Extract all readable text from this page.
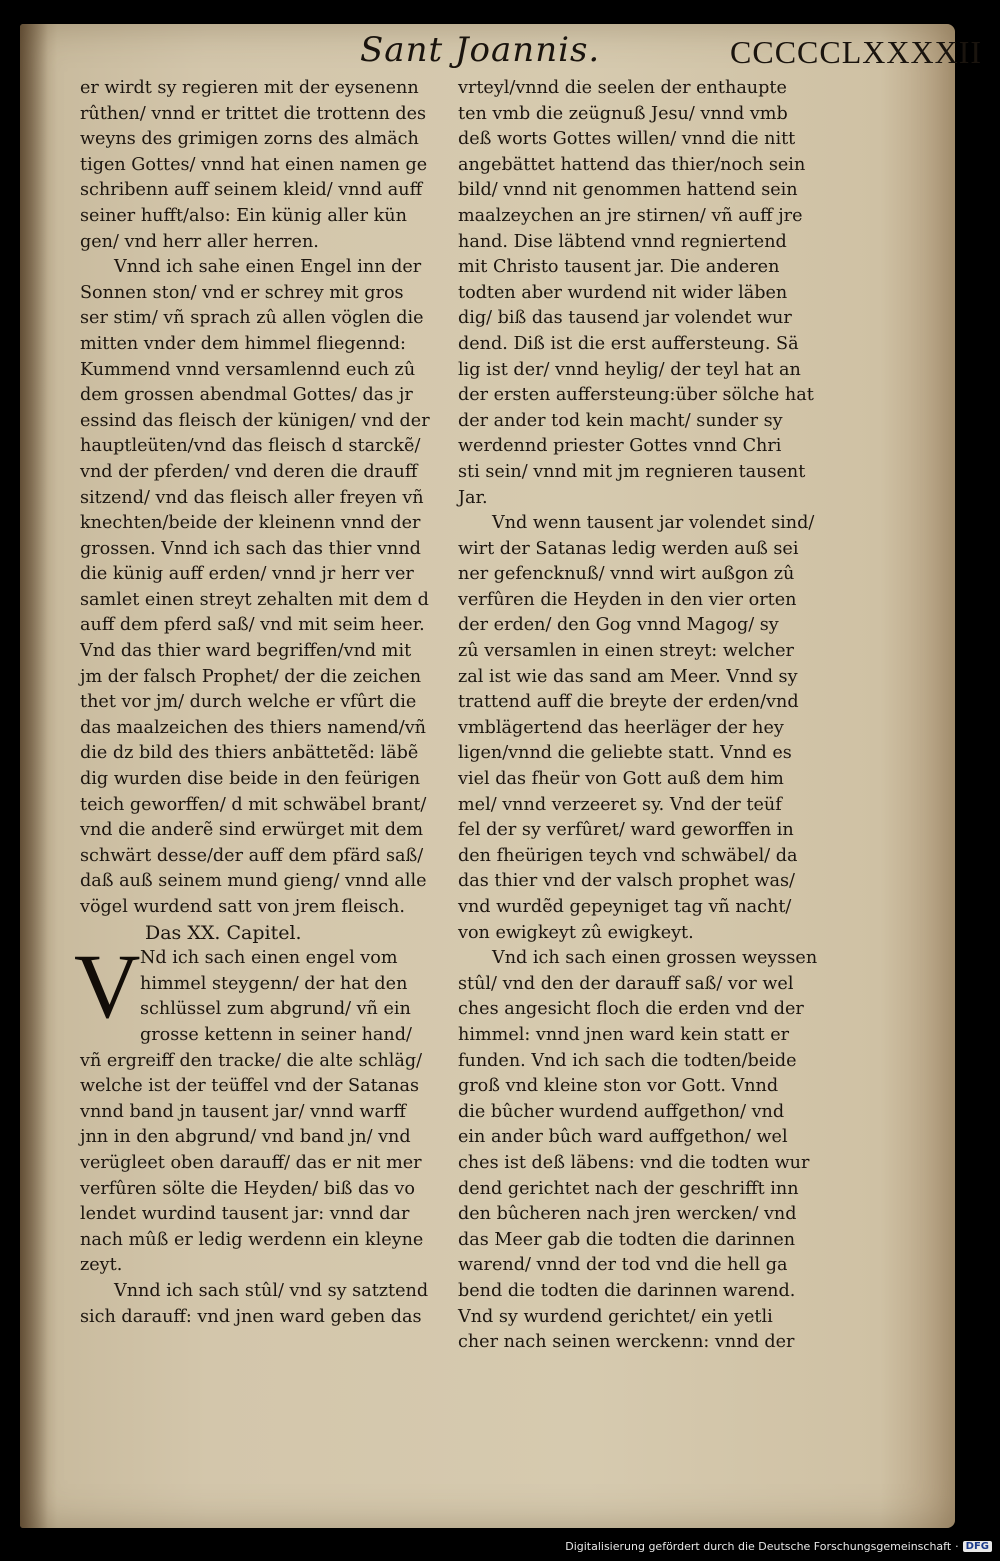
Sant Joannis.	CCCCCLXXXXII
er wirdt sy regieren mit der eysenenn
rûthen/ vnnd er trittet die trottenn des
weyns des grimigen zorns des almäch
tigen Gottes/ vnnd hat einen namen ge
schribenn auff seinem kleid/ vnnd auff
seiner hufft/also: Ein künig aller kün
gen/ vnd herr aller herren.
Vnnd ich sahe einen Engel inn der
Sonnen ston/ vnd er schrey mit gros
ser stim/ vñ sprach zû allen vöglen die
mitten vnder dem himmel fliegennd:
Kummend vnnd versamlennd euch zû
dem grossen abendmal Gottes/ das jr
essind das fleisch der künigen/ vnd der
hauptleüten/vnd das fleisch d starckẽ/
vnd der pferden/ vnd deren die drauff
sitzend/ vnd das fleisch aller freyen vñ
knechten/beide der kleinenn vnnd der
grossen. Vnnd ich sach das thier vnnd
die künig auff erden/ vnnd jr herr ver
samlet einen streyt zehalten mit dem d
auff dem pferd saß/ vnd mit seim heer.
Vnd das thier ward begriffen/vnd mit
jm der falsch Prophet/ der die zeichen
thet vor jm/ durch welche er vfûrt die
das maalzeichen des thiers namend/vñ
die dz bild des thiers anbättetẽd: läbẽ
dig wurden dise beide in den feürigen
teich geworffen/ d mit schwäbel brant/
vnd die anderẽ sind erwürget mit dem
schwärt desse/der auff dem pfärd saß/
daß auß seinem mund gieng/ vnnd alle
vögel wurdend satt von jrem fleisch.
Das XX. Capitel.
V Nd ich sach einen engel vom
himmel steygenn/ der hat den
schlüssel zum abgrund/ vñ ein
grosse kettenn in seiner hand/
vñ ergreiff den tracke/ die alte schläg/
welche ist der teüffel vnd der Satanas
vnnd band jn tausent jar/ vnnd warff
jnn in den abgrund/ vnd band jn/ vnd
verügleet oben darauff/ das er nit mer
verfûren sölte die Heyden/ biß das vo
lendet wurdind tausent jar: vnnd dar
nach mûß er ledig werdenn ein kleyne
zeyt.
Vnnd ich sach stûl/ vnd sy satztend
sich darauff: vnd jnen ward geben das
vrteyl/vnnd die seelen der enthaupte
ten vmb die zeügnuß Jesu/ vnnd vmb
deß worts Gottes willen/ vnnd die nitt
angebättet hattend das thier/noch sein
bild/ vnnd nit genommen hattend sein
maalzeychen an jre stirnen/ vñ auff jre
hand. Dise läbtend vnnd regniertend
mit Christo tausent jar. Die anderen
todten aber wurdend nit wider läben
dig/ biß das tausend jar volendet wur
dend. Diß ist die erst auffersteung. Sä
lig ist der/ vnnd heylig/ der teyl hat an
der ersten auffersteung:über sölche hat
der ander tod kein macht/ sunder sy
werdennd priester Gottes vnnd Chri
sti sein/ vnnd mit jm regnieren tausent
Jar.
Vnd wenn tausent jar volendet sind/
wirt der Satanas ledig werden auß sei
ner gefencknuß/ vnnd wirt außgon zû
verfûren die Heyden in den vier orten
der erden/ den Gog vnnd Magog/ sy
zû versamlen in einen streyt: welcher
zal ist wie das sand am Meer. Vnnd sy
trattend auff die breyte der erden/vnd
vmblägertend das heerläger der hey
ligen/vnnd die geliebte statt. Vnnd es
viel das fheür von Gott auß dem him
mel/ vnnd verzeeret sy. Vnd der teüf
fel der sy verfûret/ ward geworffen in
den fheürigen teych vnd schwäbel/ da
das thier vnd der valsch prophet was/
vnd wurdẽd gepeyniget tag vñ nacht/
von ewigkeyt zû ewigkeyt.
Vnd ich sach einen grossen weyssen
stûl/ vnd den der darauff saß/ vor wel
ches angesicht floch die erden vnd der
himmel: vnnd jnen ward kein statt er
funden. Vnd ich sach die todten/beide
groß vnd kleine ston vor Gott. Vnnd
die bûcher wurdend auffgethon/ vnd
ein ander bûch ward auffgethon/ wel
ches ist deß läbens: vnd die todten wur
dend gerichtet nach der geschrifft inn
den bûcheren nach jren wercken/ vnd
das Meer gab die todten die darinnen
warend/ vnnd der tod vnd die hell ga
bend die todten die darinnen warend.
Vnd sy wurdend gerichtet/ ein yetli
cher nach seinen werckenn: vnnd der
Digitalisierung gefördert durch die Deutsche Forschungsgemeinschaft · DFG
